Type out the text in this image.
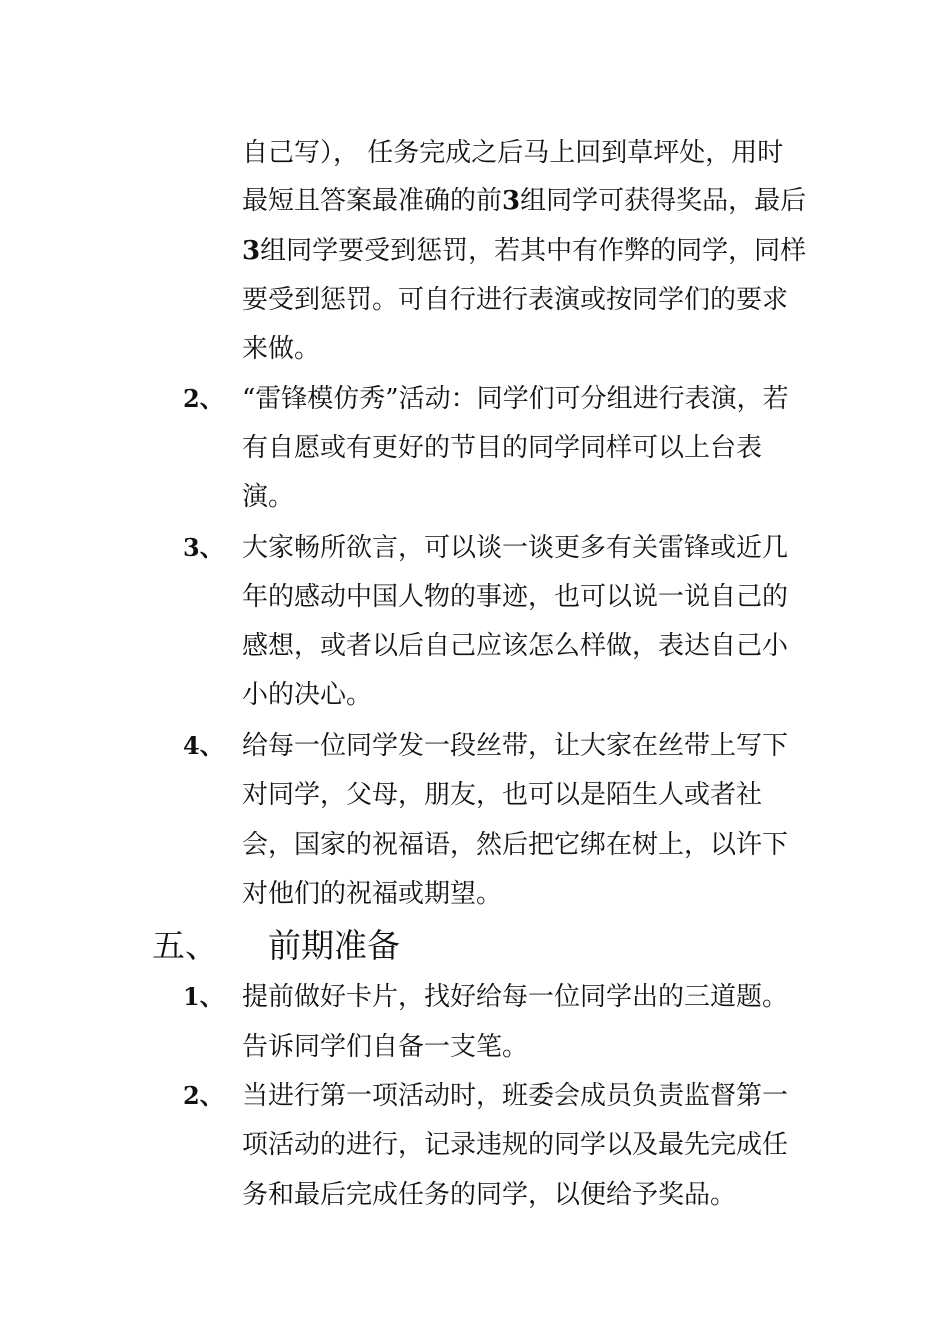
自己写）， 任务完成之后马上回到草坪处，用时
最短且答案最准确的前3组同学可获得奖品，最后
3组同学要受到惩罚，若其中有作弊的同学，同样
要受到惩罚。可自行进行表演或按同学们的要求
来做。
2、 “雷锋模仿秀”活动：同学们可分组进行表演，若
有自愿或有更好的节目的同学同样可以上台表
演。
3、 大家畅所欲言，可以谈一谈更多有关雷锋或近几
年的感动中国人物的事迹，也可以说一说自己的
感想，或者以后自己应该怎么样做，表达自己小
小的决心。
4、 给每一位同学发一段丝带，让大家在丝带上写下
对同学，父母，朋友，也可以是陌生人或者社
会，国家的祝福语，然后把它绑在树上，以许下
对他们的祝福或期望。
五、 前期准备
1、 提前做好卡片，找好给每一位同学出的三道题。
告诉同学们自备一支笔。
2、 当进行第一项活动时，班委会成员负责监督第一
项活动的进行，记录违规的同学以及最先完成任
务和最后完成任务的同学，以便给予奖品。
